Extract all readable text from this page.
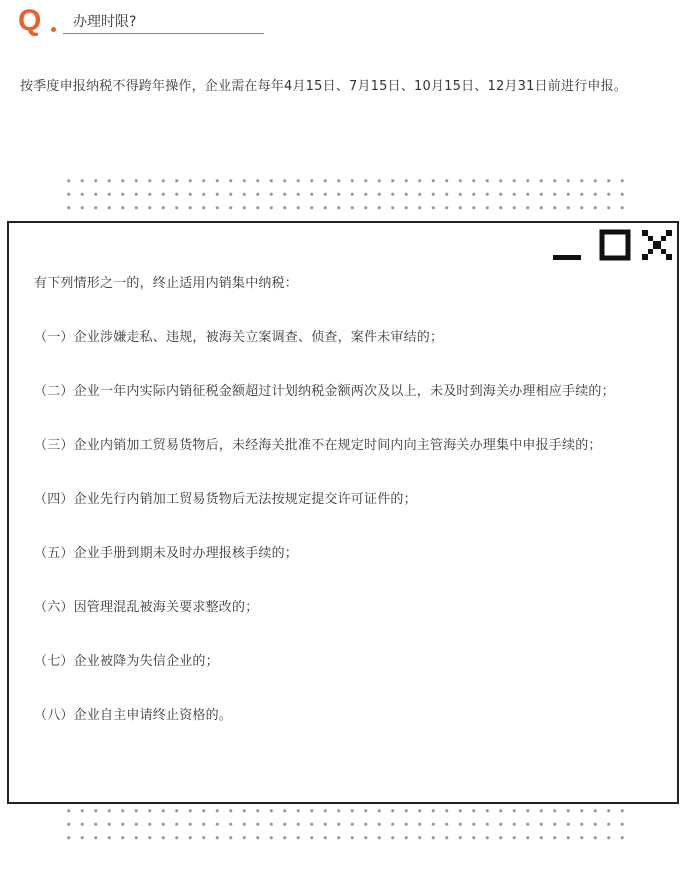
Q 办理时限?
按季度申报纳税不得跨年操作，企业需在每年4月15日、7月15日、10月15日、12月31日前进行申报。

有下列情形之一的，终止适用内销集中纳税：

（一）企业涉嫌走私、违规，被海关立案调查、侦查，案件未审结的；

（二）企业一年内实际内销征税金额超过计划纳税金额两次及以上，未及时到海关办理相应手续的；

（三）企业内销加工贸易货物后，未经海关批准不在规定时间内向主管海关办理集中申报手续的；

（四）企业先行内销加工贸易货物后无法按规定提交许可证件的；

（五）企业手册到期未及时办理报核手续的；

（六）因管理混乱被海关要求整改的；

（七）企业被降为失信企业的；

（八）企业自主申请终止资格的。
